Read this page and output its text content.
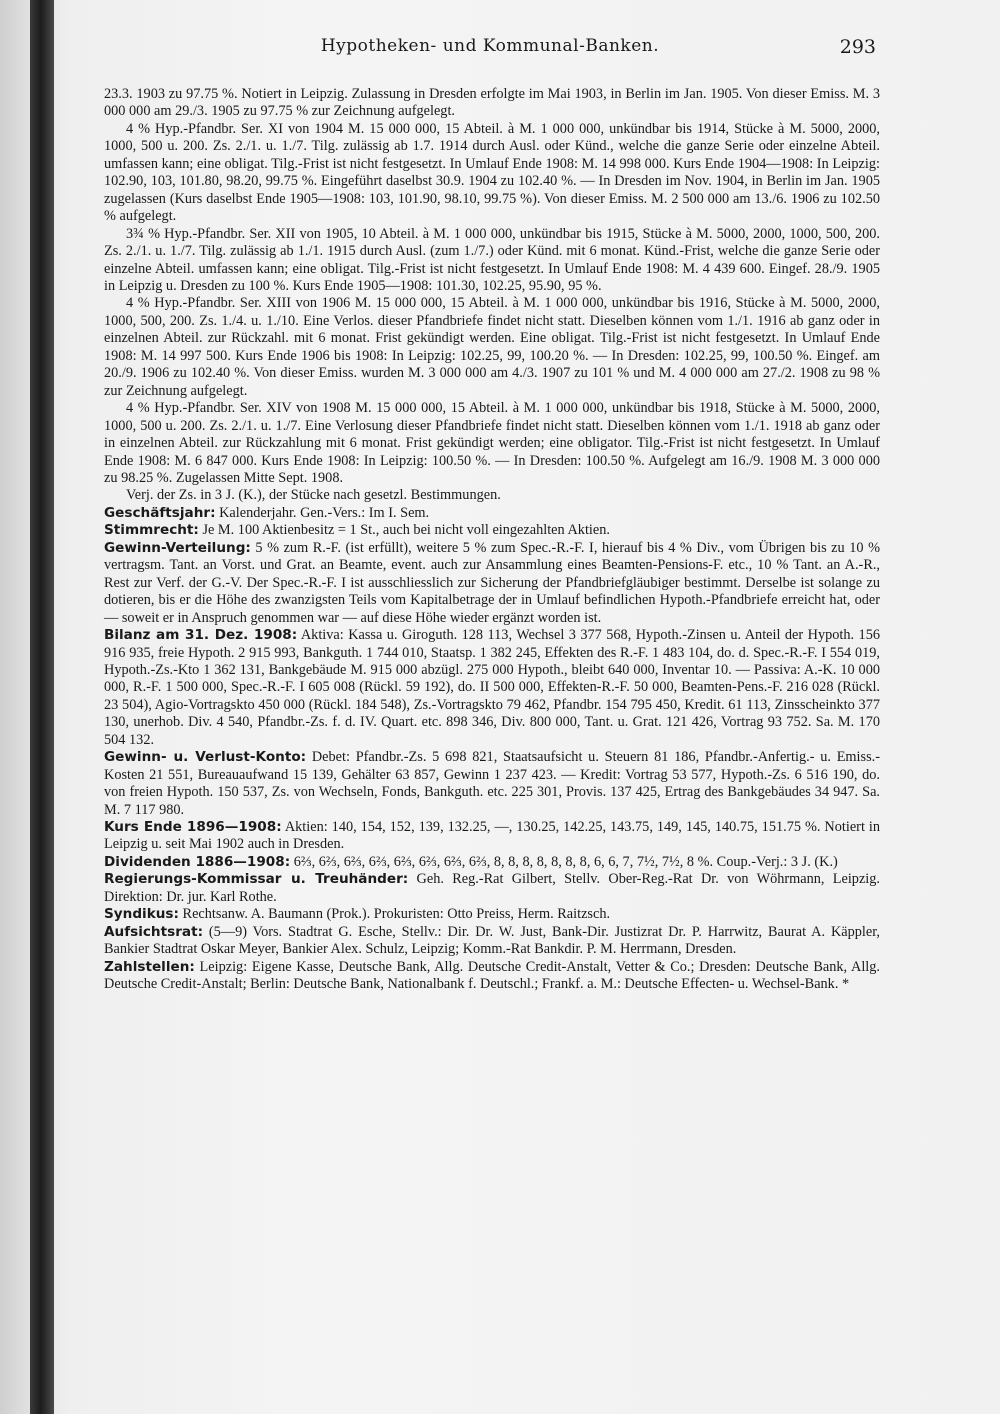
Hypotheken- und Kommunal-Banken.	293

23.3. 1903 zu 97.75 %. Notiert in Leipzig. Zulassung in Dresden erfolgte im Mai 1903, in Berlin im Jan. 1905. Von dieser Emiss. M. 3 000 000 am 29./3. 1905 zu 97.75 % zur Zeichnung aufgelegt.

4 % Hyp.-Pfandbr. Ser. XI von 1904 M. 15 000 000, 15 Abteil. à M. 1 000 000, unkündbar bis 1914, Stücke à M. 5000, 2000, 1000, 500 u. 200. Zs. 2./1. u. 1./7. Tilg. zulässig ab 1.7. 1914 durch Ausl. oder Künd., welche die ganze Serie oder einzelne Abteil. umfassen kann; eine obligat. Tilg.-Frist ist nicht festgesetzt. In Umlauf Ende 1908: M. 14 998 000. Kurs Ende 1904—1908: In Leipzig: 102.90, 103, 101.80, 98.20, 99.75 %. Eingeführt daselbst 30.9. 1904 zu 102.40 %. — In Dresden im Nov. 1904, in Berlin im Jan. 1905 zugelassen (Kurs daselbst Ende 1905—1908: 103, 101.90, 98.10, 99.75 %). Von dieser Emiss. M. 2 500 000 am 13./6. 1906 zu 102.50 % aufgelegt.

3¾ % Hyp.-Pfandbr. Ser. XII von 1905, 10 Abteil. à M. 1 000 000, unkündbar bis 1915, Stücke à M. 5000, 2000, 1000, 500, 200. Zs. 2./1. u. 1./7. Tilg. zulässig ab 1./1. 1915 durch Ausl. (zum 1./7.) oder Künd. mit 6 monat. Künd.-Frist, welche die ganze Serie oder einzelne Abteil. umfassen kann; eine obligat. Tilg.-Frist ist nicht festgesetzt. In Umlauf Ende 1908: M. 4 439 600. Eingef. 28./9. 1905 in Leipzig u. Dresden zu 100 %. Kurs Ende 1905—1908: 101.30, 102.25, 95.90, 95 %.

4 % Hyp.-Pfandbr. Ser. XIII von 1906 M. 15 000 000, 15 Abteil. à M. 1 000 000, unkündbar bis 1916, Stücke à M. 5000, 2000, 1000, 500, 200. Zs. 1./4. u. 1./10. Eine Verlos. dieser Pfandbriefe findet nicht statt. Dieselben können vom 1./1. 1916 ab ganz oder in einzelnen Abteil. zur Rückzahl. mit 6 monat. Frist gekündigt werden. Eine obligat. Tilg.-Frist ist nicht festgesetzt. In Umlauf Ende 1908: M. 14 997 500. Kurs Ende 1906 bis 1908: In Leipzig: 102.25, 99, 100.20 %. — In Dresden: 102.25, 99, 100.50 %. Eingef. am 20./9. 1906 zu 102.40 %. Von dieser Emiss. wurden M. 3 000 000 am 4./3. 1907 zu 101 % und M. 4 000 000 am 27./2. 1908 zu 98 % zur Zeichnung aufgelegt.

4 % Hyp.-Pfandbr. Ser. XIV von 1908 M. 15 000 000, 15 Abteil. à M. 1 000 000, unkündbar bis 1918, Stücke à M. 5000, 2000, 1000, 500 u. 200. Zs. 2./1. u. 1./7. Eine Verlosung dieser Pfandbriefe findet nicht statt. Dieselben können vom 1./1. 1918 ab ganz oder in einzelnen Abteil. zur Rückzahlung mit 6 monat. Frist gekündigt werden; eine obligator. Tilg.-Frist ist nicht festgesetzt. In Umlauf Ende 1908: M. 6 847 000. Kurs Ende 1908: In Leipzig: 100.50 %. — In Dresden: 100.50 %. Aufgelegt am 16./9. 1908 M. 3 000 000 zu 98.25 %. Zugelassen Mitte Sept. 1908.

Verj. der Zs. in 3 J. (K.), der Stücke nach gesetzl. Bestimmungen.

Geschäftsjahr: Kalenderjahr. Gen.-Vers.: Im I. Sem.

Stimmrecht: Je M. 100 Aktienbesitz = 1 St., auch bei nicht voll eingezahlten Aktien.

Gewinn-Verteilung: 5 % zum R.-F. (ist erfüllt), weitere 5 % zum Spec.-R.-F. I, hierauf bis 4 % Div., vom Übrigen bis zu 10 % vertragsm. Tant. an Vorst. und Grat. an Beamte, event. auch zur Ansammlung eines Beamten-Pensions-F. etc., 10 % Tant. an A.-R., Rest zur Verf. der G.-V. Der Spec.-R.-F. I ist ausschliesslich zur Sicherung der Pfandbriefgläubiger bestimmt. Derselbe ist solange zu dotieren, bis er die Höhe des zwanzigsten Teils vom Kapitalbetrage der in Umlauf befindlichen Hypoth.-Pfandbriefe erreicht hat, oder — soweit er in Anspruch genommen war — auf diese Höhe wieder ergänzt worden ist.

Bilanz am 31. Dez. 1908: Aktiva: Kassa u. Giroguth. 128 113, Wechsel 3 377 568, Hypoth.-Zinsen u. Anteil der Hypoth. 156 916 935, freie Hypoth. 2 915 993, Bankguth. 1 744 010, Staatsp. 1 382 245, Effekten des R.-F. 1 483 104, do. d. Spec.-R.-F. I 554 019, Hypoth.-Zs.-Kto 1 362 131, Bankgebäude M. 915 000 abzügl. 275 000 Hypoth., bleibt 640 000, Inventar 10. — Passiva: A.-K. 10 000 000, R.-F. 1 500 000, Spec.-R.-F. I 605 008 (Rückl. 59 192), do. II 500 000, Effekten-R.-F. 50 000, Beamten-Pens.-F. 216 028 (Rückl. 23 504), Agio-Vortragskto 450 000 (Rückl. 184 548), Zs.-Vortragskto 79 462, Pfandbr. 154 795 450, Kredit. 61 113, Zinsscheinkto 377 130, unerhob. Div. 4 540, Pfandbr.-Zs. f. d. IV. Quart. etc. 898 346, Div. 800 000, Tant. u. Grat. 121 426, Vortrag 93 752. Sa. M. 170 504 132.

Gewinn- u. Verlust-Konto: Debet: Pfandbr.-Zs. 5 698 821, Staatsaufsicht u. Steuern 81 186, Pfandbr.-Anfertig.- u. Emiss.-Kosten 21 551, Bureauaufwand 15 139, Gehälter 63 857, Gewinn 1 237 423. — Kredit: Vortrag 53 577, Hypoth.-Zs. 6 516 190, do. von freien Hypoth. 150 537, Zs. von Wechseln, Fonds, Bankguth. etc. 225 301, Provis. 137 425, Ertrag des Bankgebäudes 34 947. Sa. M. 7 117 980.

Kurs Ende 1896—1908: Aktien: 140, 154, 152, 139, 132.25, —, 130.25, 142.25, 143.75, 149, 145, 140.75, 151.75 %. Notiert in Leipzig u. seit Mai 1902 auch in Dresden.

Dividenden 1886—1908: 6⅔, 6⅔, 6⅔, 6⅔, 6⅔, 6⅔, 6⅔, 6⅔, 8, 8, 8, 8, 8, 8, 8, 6, 6, 7, 7½, 7½, 8 %. Coup.-Verj.: 3 J. (K.)

Regierungs-Kommissar u. Treuhänder: Geh. Reg.-Rat Gilbert, Stellv. Ober-Reg.-Rat Dr. von Wöhrmann, Leipzig. Direktion: Dr. jur. Karl Rothe.

Syndikus: Rechtsanw. A. Baumann (Prok.). Prokuristen: Otto Preiss, Herm. Raitzsch.

Aufsichtsrat: (5—9) Vors. Stadtrat G. Esche, Stellv.: Dir. Dr. W. Just, Bank-Dir. Justizrat Dr. P. Harrwitz, Baurat A. Käppler, Bankier Stadtrat Oskar Meyer, Bankier Alex. Schulz, Leipzig; Komm.-Rat Bankdir. P. M. Herrmann, Dresden.

Zahlstellen: Leipzig: Eigene Kasse, Deutsche Bank, Allg. Deutsche Credit-Anstalt, Vetter & Co.; Dresden: Deutsche Bank, Allg. Deutsche Credit-Anstalt; Berlin: Deutsche Bank, Nationalbank f. Deutschl.; Frankf. a. M.: Deutsche Effecten- u. Wechsel-Bank. *
